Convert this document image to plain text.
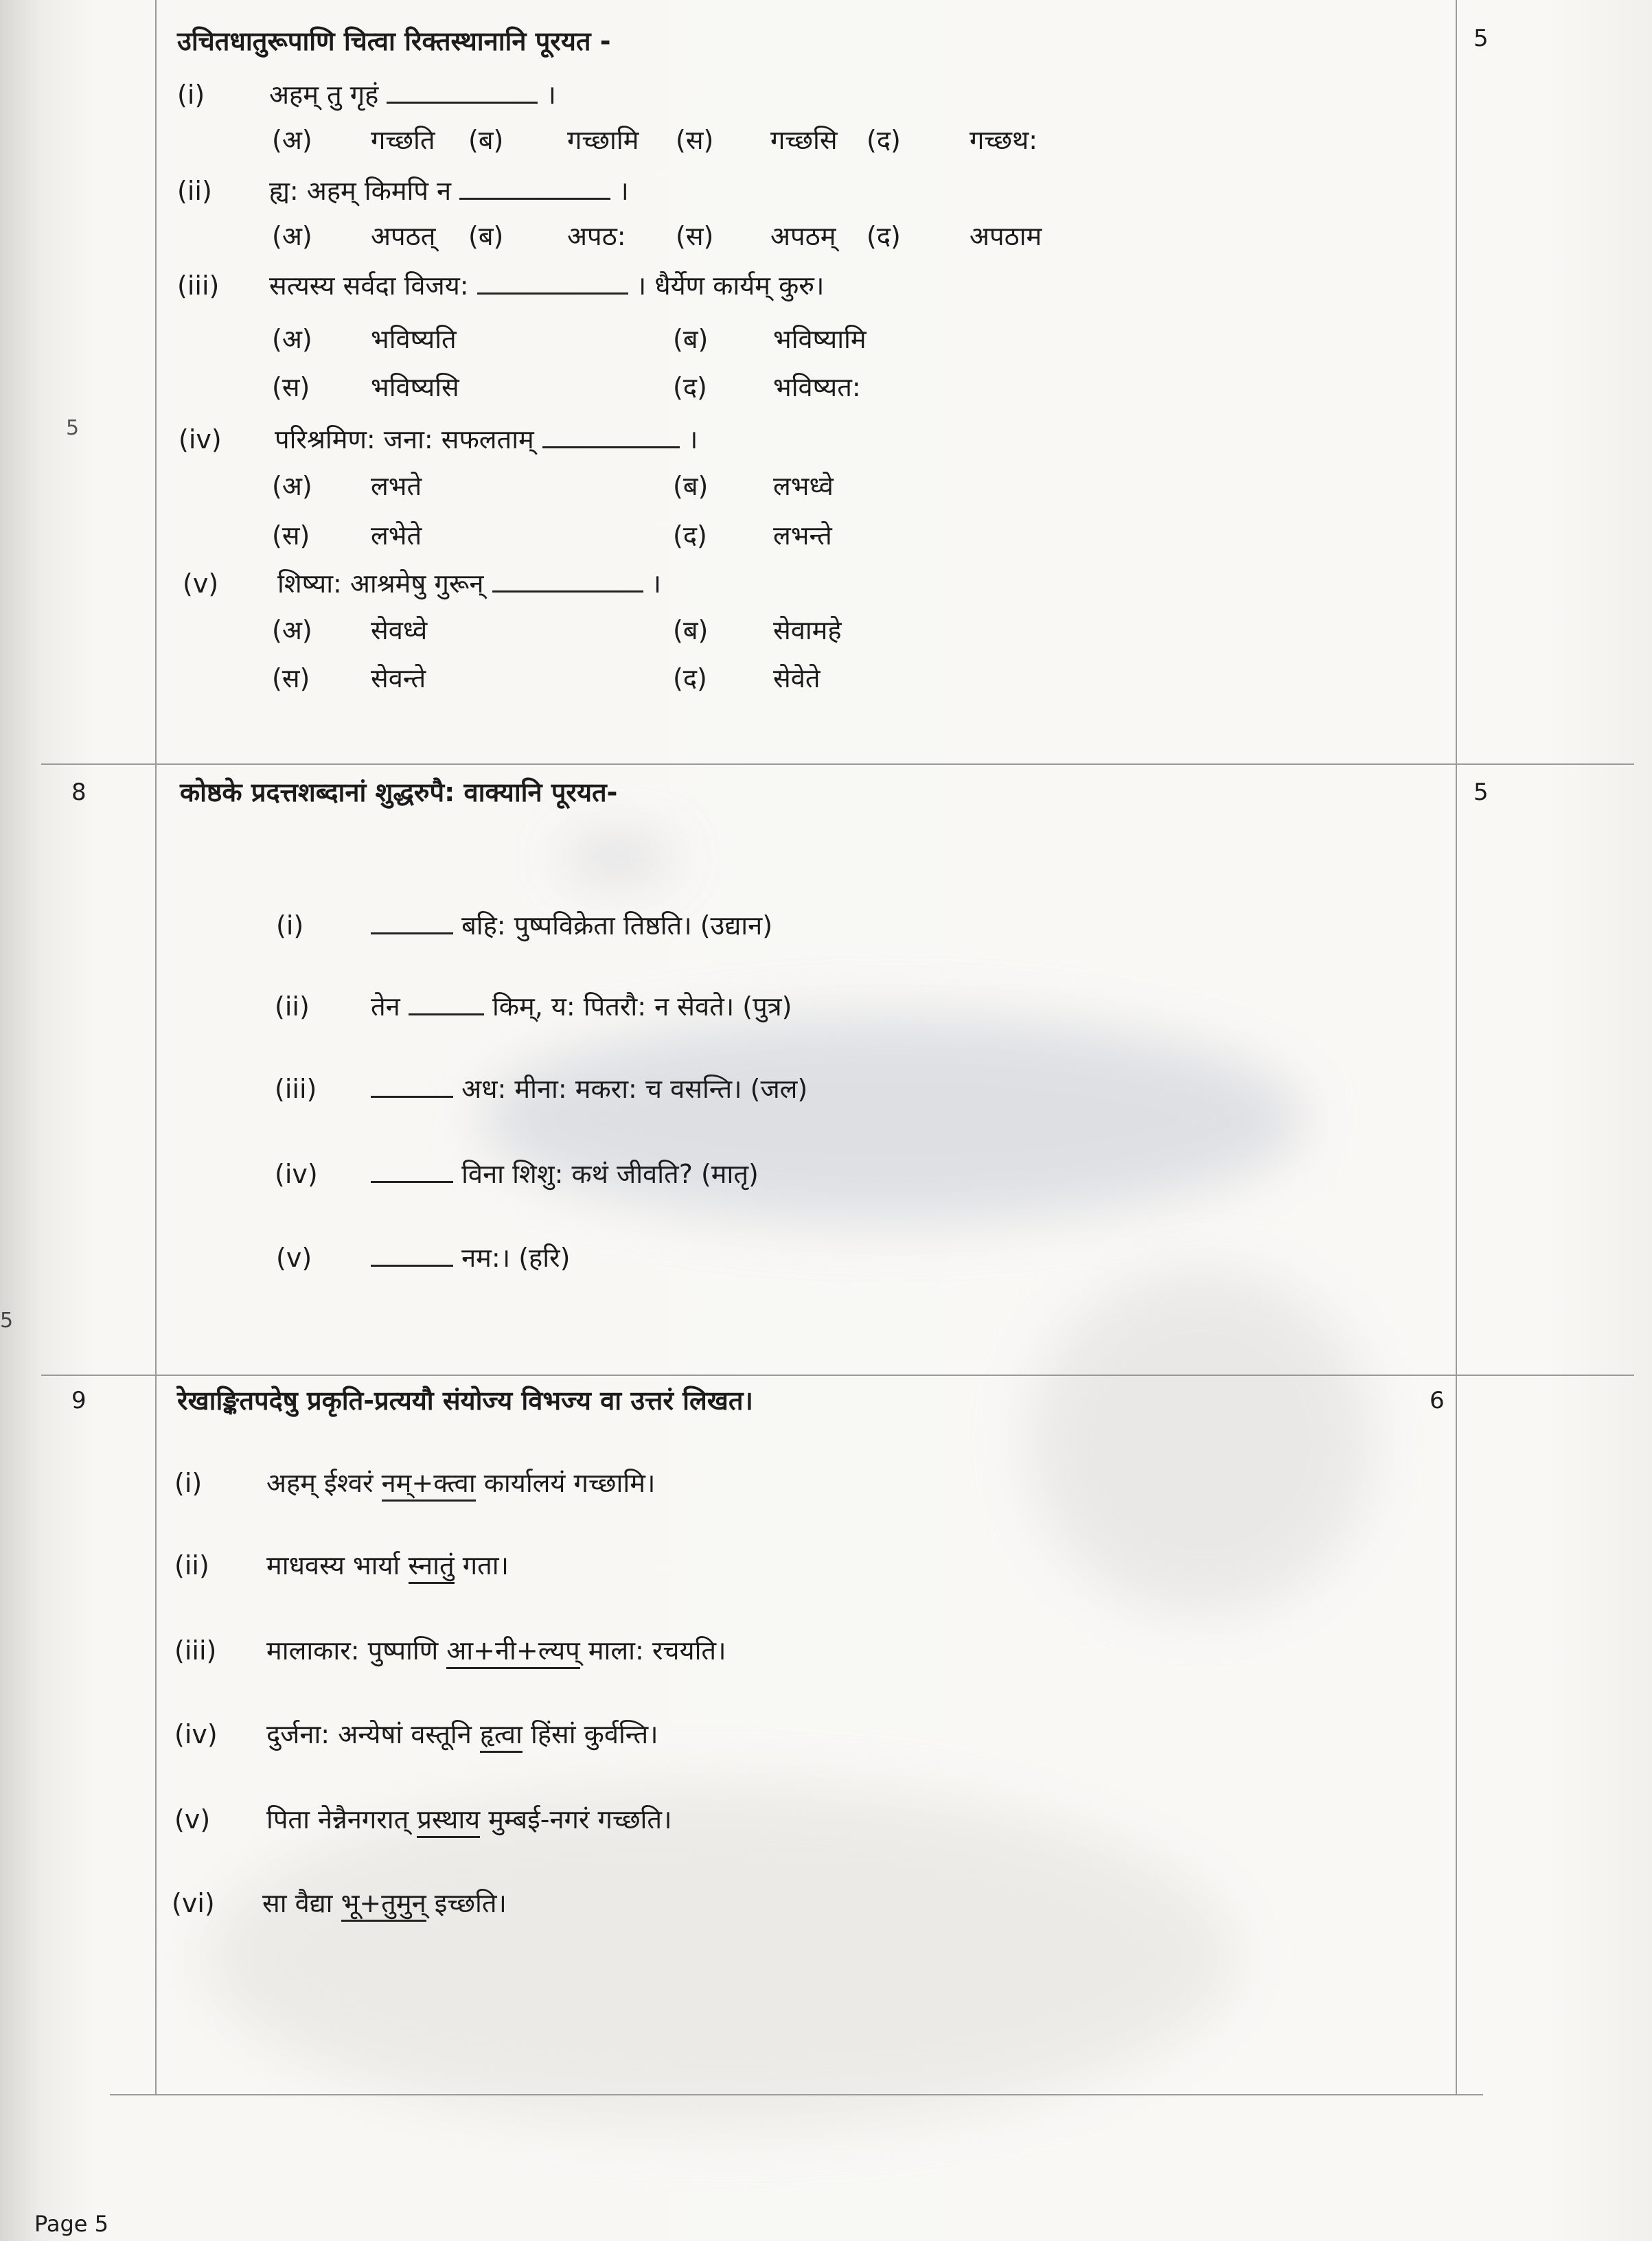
5
5
उचितधातुरूपाणि चित्वा रिक्तस्थानानि पूरयत -	5
(i) अहम् तु गृहं	।
(अ) गच्छति (ब) गच्छामि (स) गच्छसि (द)	गच्छथ:
(ii) ह्य: अहम् किमपि न	।
(अ) अपठत् (ब) अपठ: (स) अपठम् (द)	अपठाम
(iii) सत्यस्य सर्वदा विजय:	। धैर्येण कार्यम् कुरु।
(अ) भविष्यति	(ब) भविष्यामि
(स) भविष्यसि	(द)	भविष्यत:
(iv) परिश्रमिण: जना: सफलताम्	।
(अ) लभते	(ब) लभध्वे
(स) लभेते	(द)	लभन्ते
(v) शिष्या: आश्रमेषु गुरून्	।
(अ) सेवध्वे	(ब) सेवामहे
(स) सेवन्ते	(द)	सेवेते
8	कोष्ठके प्रदत्तशब्दानां शुद्धरुपै: वाक्यानि पूरयत-	5
(i)	बहि: पुष्पविक्रेता तिष्ठति। (उद्यान)
(ii) तेन	किम्, य: पितरौ: न सेवते। (पुत्र)
(iii)	अध: मीना: मकरा: च वसन्ति। (जल)
(iv)	विना शिशु: कथं जीवति? (मातृ)
(v)	नम:। (हरि)
9	रेखाङ्कितपदेषु प्रकृति-प्रत्ययौ संयोज्य विभज्य वा उत्तरं लिखत।	6
(i) अहम् ईश्वरं नम्+क्त्वा कार्यालयं गच्छामि।
(ii) माधवस्य भार्या स्नातुं गता।
(iii) मालाकार: पुष्पाणि आ+नी+ल्यप् माला: रचयति।
(iv) दुर्जना: अन्येषां वस्तूनि हृत्वा हिंसां कुर्वन्ति।
(v) पिता नेन्नैनगरात् प्रस्थाय मुम्बई-नगरं गच्छति।
(vi) सा वैद्या भू+तुमुन् इच्छति।
Page 5
